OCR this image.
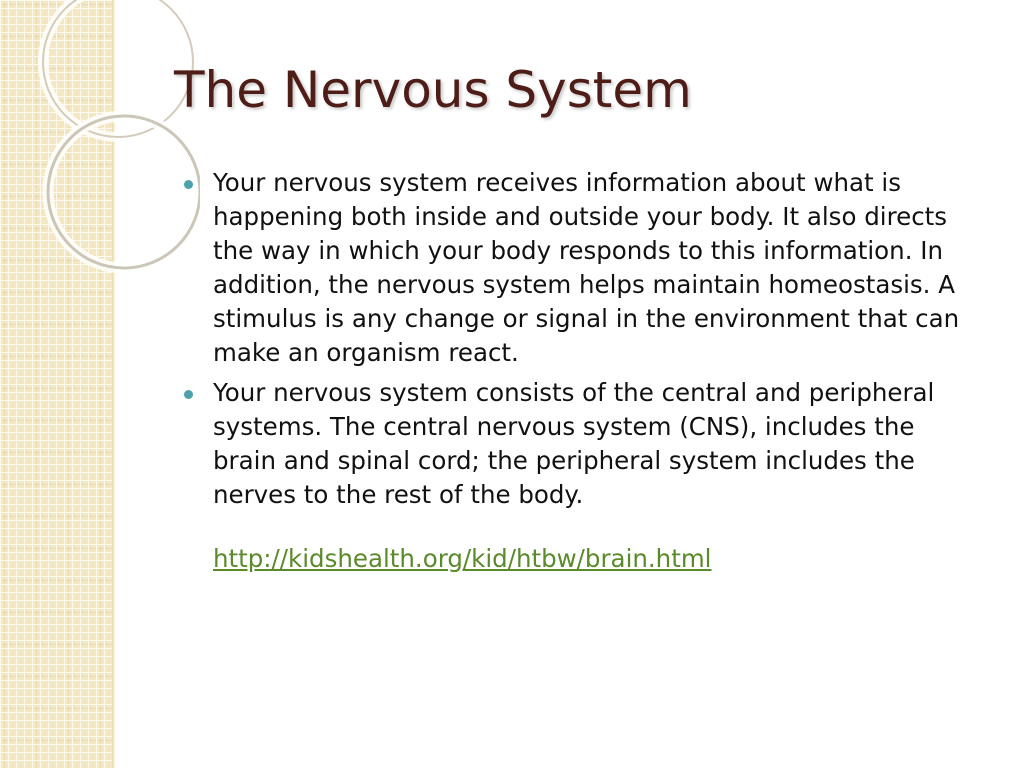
The Nervous System
Your nervous system receives information about what is happening both inside and outside your body. It also directs the way in which your body responds to this information. In addition, the nervous system helps maintain homeostasis. A stimulus is any change or signal in the environment that can make an organism react.
Your nervous system consists of the central and peripheral systems. The central nervous system (CNS), includes the brain and spinal cord; the peripheral system includes the nerves to the rest of the body.
http://kidshealth.org/kid/htbw/brain.html
